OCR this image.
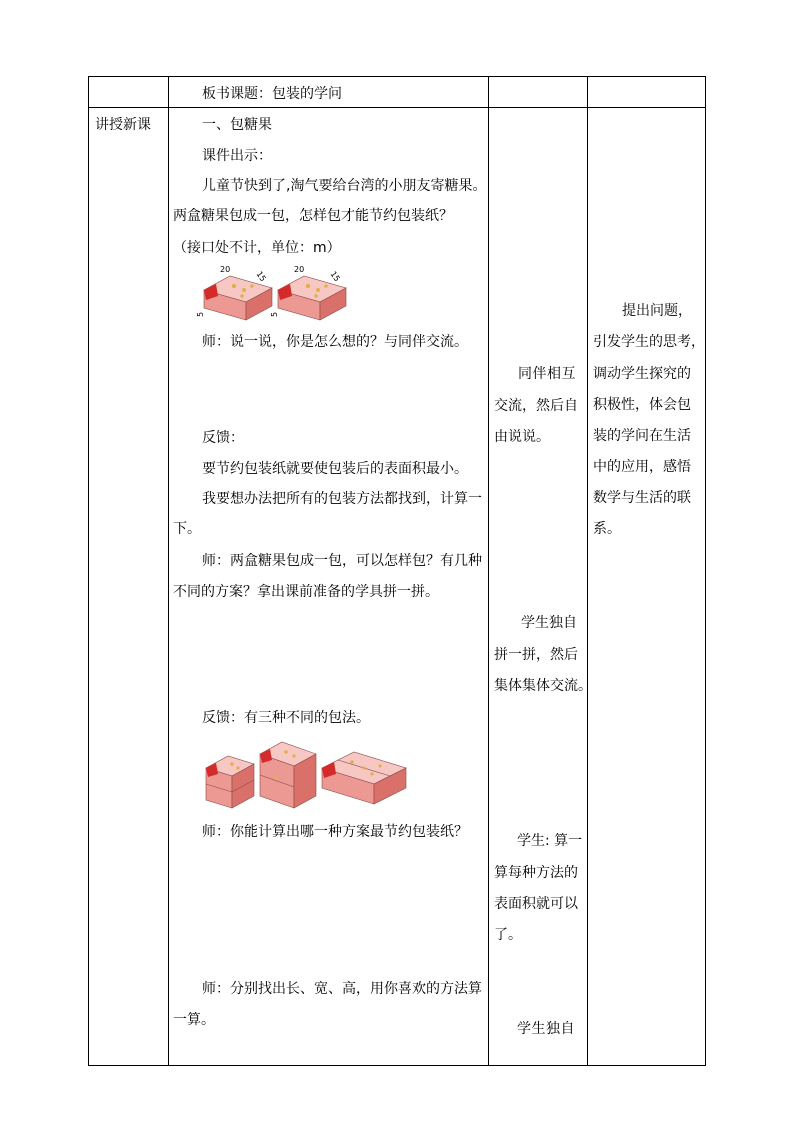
板书课题：包装的学问
讲授新课	一、包糖果
课件出示：
儿童节快到了,淘气要给台湾的小朋友寄糖果。
两盒糖果包成一包，怎样包才能节约包装纸？
（接口处不计，单位：m）
20
15
5
20
15
5
师：说一说，你是怎么想的？与同伴交流。
反馈：
要节约包装纸就要使包装后的表面积最小。
我要想办法把所有的包装方法都找到，计算一
下。
师：两盒糖果包成一包，可以怎样包？有几种
不同的方案？拿出课前准备的学具拼一拼。
反馈：有三种不同的包法。
师：你能计算出哪一种方案最节约包装纸？
师：分别找出长、宽、高，用你喜欢的方法算
一算。
同伴相互
交流，然后自
由说说。
学生独自
拼一拼，然后
集体集体交流。
学生: 算一
算每种方法的
表面积就可以
了。
学生独自
提出问题，
引发学生的思考，
调动学生探究的
积极性，体会包
装的学问在生活
中的应用，感悟
数学与生活的联
系。
